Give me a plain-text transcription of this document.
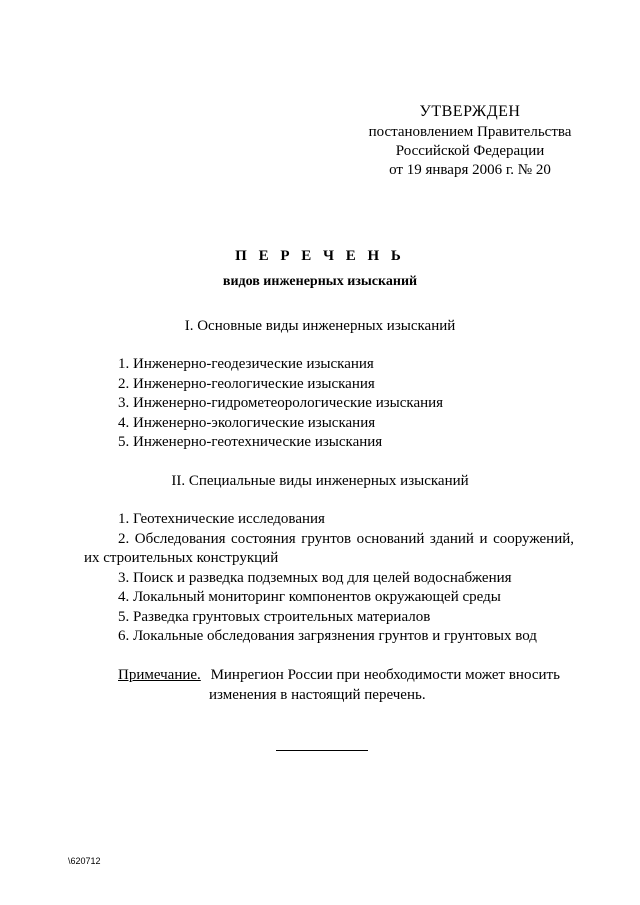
УТВЕРЖДЕН
постановлением Правительства
Российской Федерации
от 19 января 2006 г. № 20
П Е Р Е Ч Е Н Ь
видов инженерных изысканий
I. Основные виды инженерных изысканий
1. Инженерно-геодезические изыскания
2. Инженерно-геологические изыскания
3. Инженерно-гидрометеорологические изыскания
4. Инженерно-экологические изыскания
5. Инженерно-геотехнические изыскания
II. Специальные виды инженерных изысканий
1. Геотехнические исследования
2. Обследования состояния грунтов оснований зданий и сооружений, их строительных конструкций
3. Поиск и разведка подземных вод для целей водоснабжения
4. Локальный мониторинг компонентов окружающей среды
5. Разведка грунтовых строительных материалов
6. Локальные обследования загрязнения грунтов и грунтовых вод
Примечание. Минрегион России при необходимости может вносить
изменения в настоящий перечень.
\620712
